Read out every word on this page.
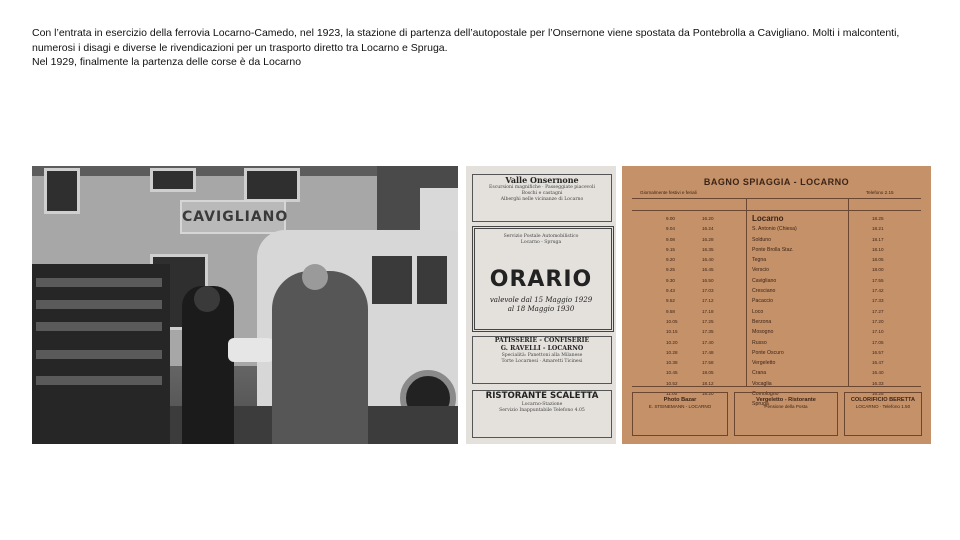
Con l’entrata in esercizio della ferrovia Locarno-Camedo, nel 1923, la stazione di partenza dell’autopostale per l’Onsernone viene spostata da Pontebrolla a Cavigliano. Molti i malcontenti, numerosi i disagi e diverse le rivendicazioni per un trasporto diretto tra Locarno e Spruga.

Nel 1929, finalmente la partenza delle corse è da Locarno

CAVIGLIANO
Valle Onsernone
Escursioni magnifiche · Passeggiate piacevoli
Boschi e castagni
Alberghi nelle vicinanze di Locarno
Servizio Postale Automobilistico
Locarno - Spruga
ORARIO
valevole dal 15 Maggio 1929
al 18 Maggio 1930
PATISSERIE - CONFISERIE
G. RAVELLI - LOCARNO
Specialità: Panettoni alla Milanese
Torte Locarnesi · Amaretti Ticinesi
RISTORANTE SCALETTA
Locarno-Stazione
Servizio Inappuntabile Telefono 4.05
BAGNO SPIAGGIA - LOCARNO
Giornalmente festivi e feriali	Telefono 2.15
9.00
9.04
9.08
9.15
9.20
9.25
9.30
9.43
9.52
9.58
10.05
10.15
10.20
10.28
10.38
10.45
10.52
11.00
16.20
16.24
16.28
16.35
16.40
16.45
16.50
17.03
17.12
17.18
17.25
17.35
17.40
17.48
17.58
18.05
18.12
18.20
Locarno
S. Antonio (Chiesa)
Solduno
Ponte Brolla Staz.
Tegna
Verscio
Cavigliano
Cresciano
Pacaccio
Loco
Berzona
Mosogno
Russo
Ponte Oscuro
Vergeletto
Crana
Vocaglia
Comologno
Spruga
18.25
18.21
18.17
18.10
18.05
18.00
17.55
17.42
17.33
17.27
17.20
17.10
17.05
16.57
16.47
16.40
16.33
16.25
Photo Bazar
E. STEINEMANN - LOCARNO
Vergeletto - Ristorante
Pensione della Posta
COLORIFICIO BERETTA
LOCARNO · Telefono 1.50
